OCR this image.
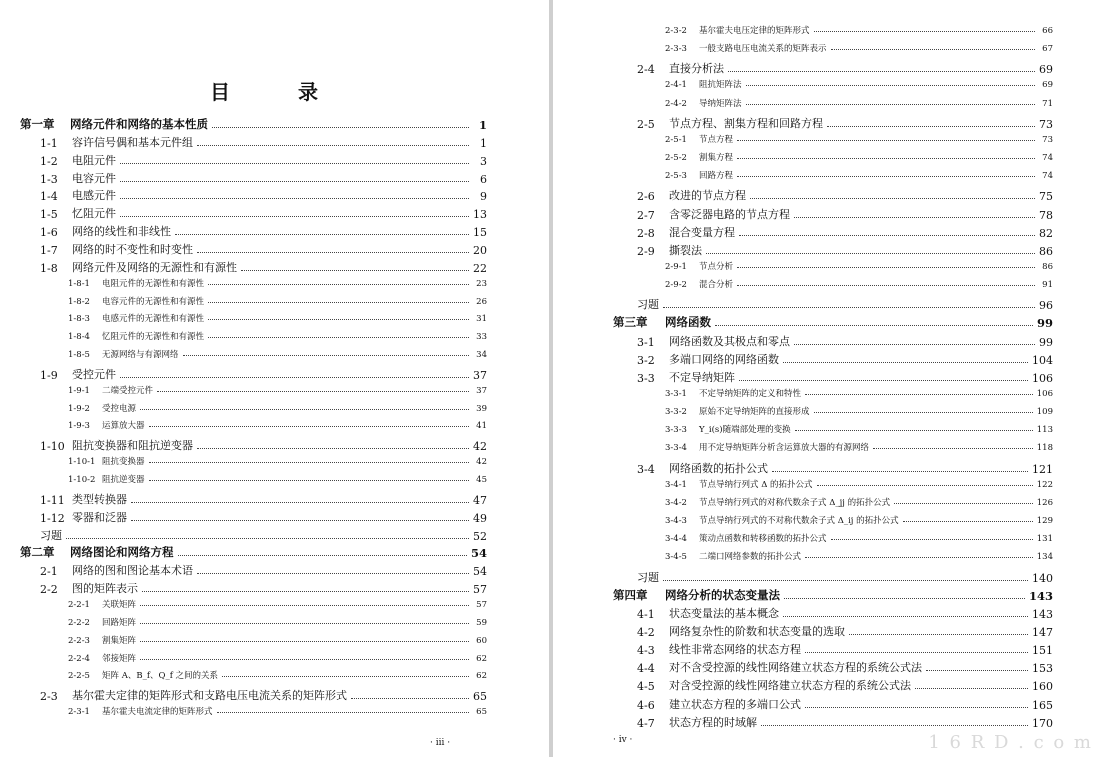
目　录
第一章	网络元件和网络的基本性质	1
1-1	容许信号偶和基本元件组	1
1-2	电阻元件	3
1-3	电容元件	6
1-4	电感元件	9
1-5	忆阻元件	13
1-6	网络的线性和非线性	15
1-7	网络的时不变性和时变性	20
1-8	网络元件及网络的无源性和有源性	22
1-8-1	电阻元件的无源性和有源性	23
1-8-2	电容元件的无源性和有源性	26
1-8-3	电感元件的无源性和有源性	31
1-8-4	忆阻元件的无源性和有源性	33
1-8-5	无源网络与有源网络	34
1-9	受控元件	37
1-9-1	二端受控元件	37
1-9-2	受控电源	39
1-9-3	运算放大器	41
1-10 阻抗变换器和阻抗逆变器	42
1-10-1 阻抗变换器	42
1-10-2 阻抗逆变器	45
1-11 类型转换器	47
1-12 零器和泛器	49
习题	52
第二章	网络图论和网络方程	54
2-1	网络的图和图论基本术语	54
2-2	图的矩阵表示	57
2-2-1	关联矩阵	57
2-2-2	回路矩阵	59
2-2-3	割集矩阵	60
2-2-4	邻接矩阵	62
2-2-5	矩阵 A、B_f、Q_f 之间的关系	62
2-3	基尔霍夫定律的矩阵形式和支路电压电流关系的矩阵形式	65
2-3-1	基尔霍夫电流定律的矩阵形式	65
· iii ·
2-3-2	基尔霍夫电压定律的矩阵形式	66
2-3-3	一般支路电压电流关系的矩阵表示	67
2-4	直接分析法	69
2-4-1	阻抗矩阵法	69
2-4-2	导纳矩阵法	71
2-5	节点方程、割集方程和回路方程	73
2-5-1	节点方程	73
2-5-2	割集方程	74
2-5-3	回路方程	74
2-6	改进的节点方程	75
2-7	含零泛器电路的节点方程	78
2-8	混合变量方程	82
2-9	撕裂法	86
2-9-1	节点分析	86
2-9-2	混合分析	91
习题	96
第三章	网络函数	99
3-1	网络函数及其极点和零点	99
3-2	多端口网络的网络函数	104
3-3	不定导纳矩阵	106
3-3-1	不定导纳矩阵的定义和特性	106
3-3-2	原始不定导纳矩阵的直接形成	109
3-3-3	Y_i(s)随端部处理的变换	113
3-3-4	用不定导纳矩阵分析含运算放大器的有源网络	118
3-4	网络函数的拓扑公式	121
3-4-1	节点导纳行列式 Δ 的拓扑公式	122
3-4-2	节点导纳行列式的对称代数余子式 Δ_jj 的拓扑公式	126
3-4-3	节点导纳行列式的不对称代数余子式 Δ_ij 的拓扑公式	129
3-4-4	策动点函数和转移函数的拓扑公式	131
3-4-5	二端口网络参数的拓扑公式	134
习题	140
第四章	网络分析的状态变量法	143
4-1	状态变量法的基本概念	143
4-2	网络复杂性的阶数和状态变量的选取	147
4-3	线性非常态网络的状态方程	151
4-4	对不含受控源的线性网络建立状态方程的系统公式法	153
4-5	对含受控源的线性网络建立状态方程的系统公式法	160
4-6	建立状态方程的多端口公式	165
4-7	状态方程的时域解	170
· iv ·	1 6 R D . c o m
